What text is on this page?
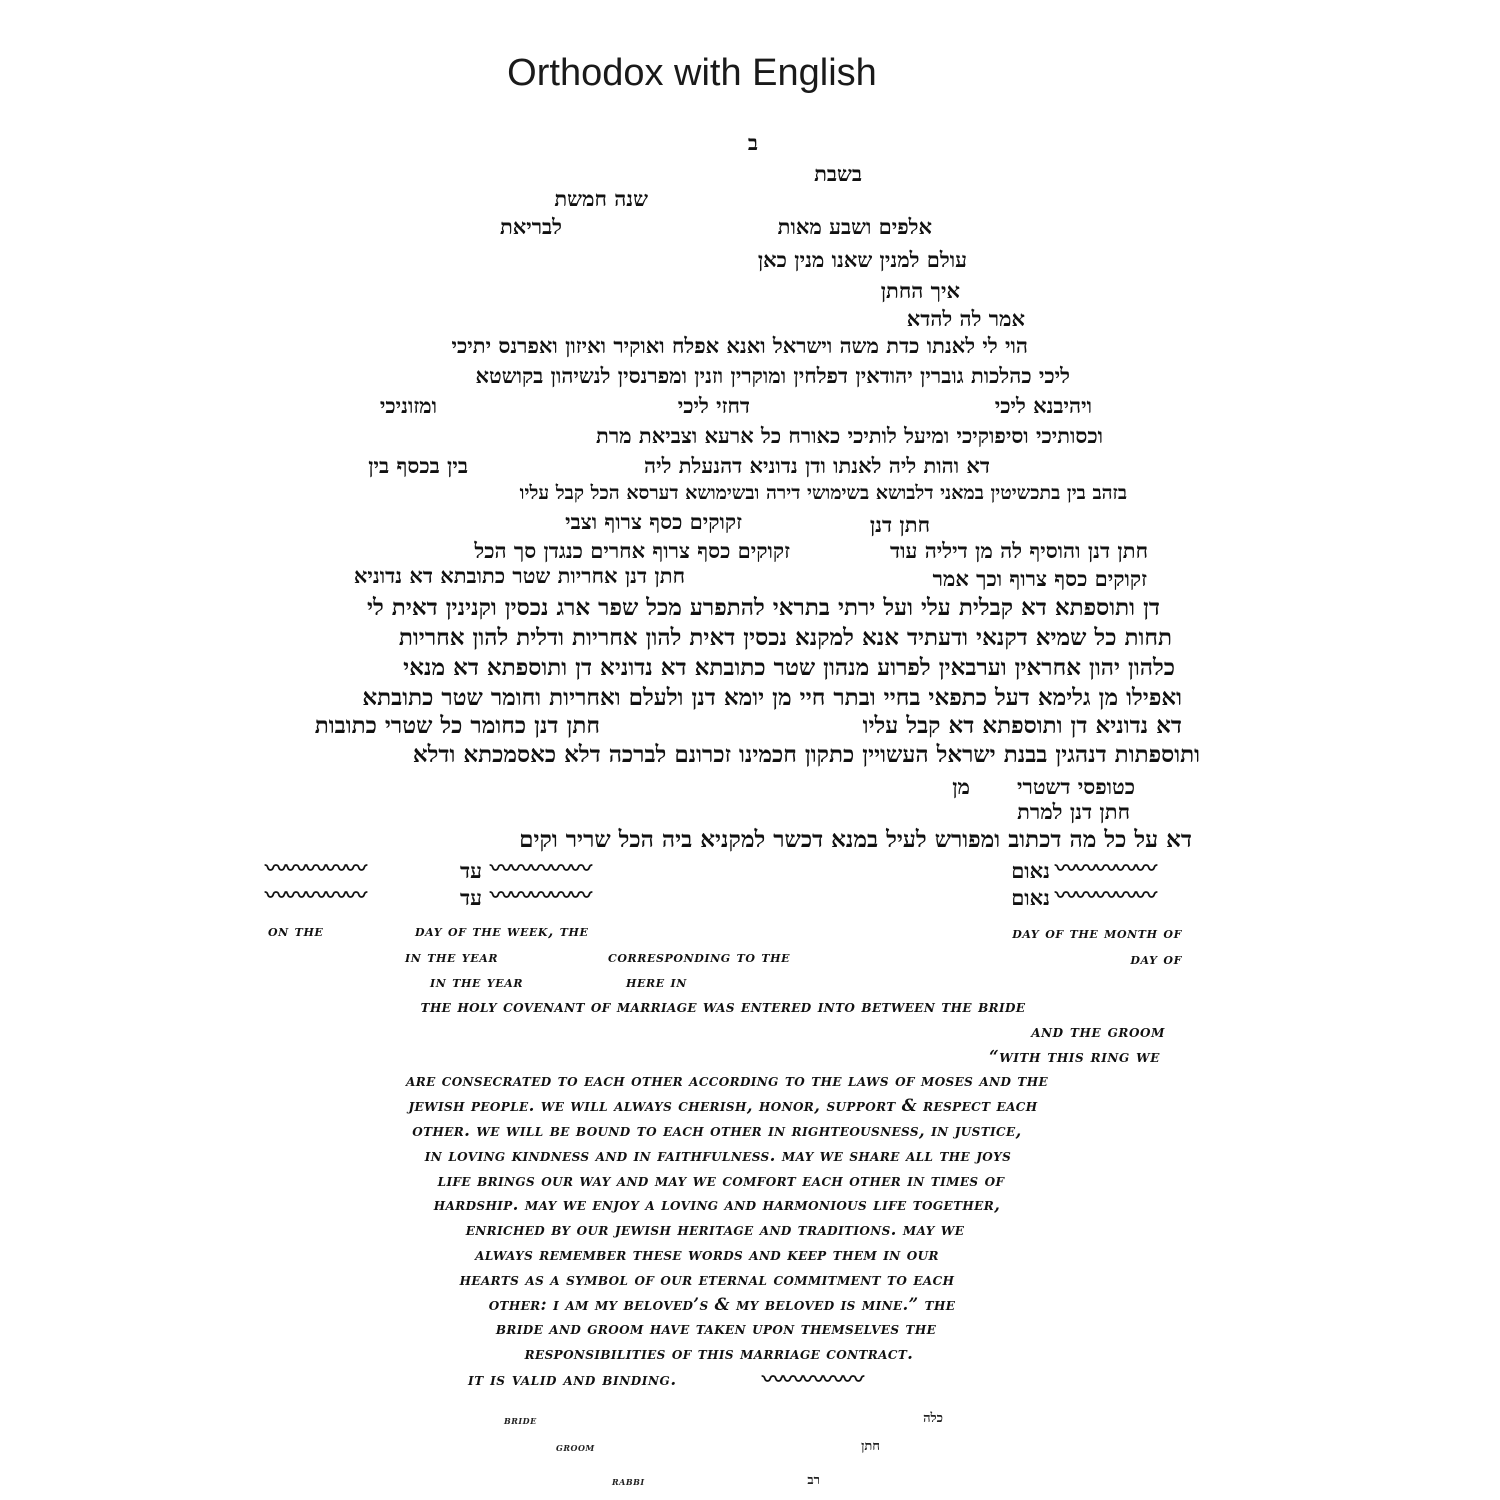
Orthodox with English
ב
בשבת
שנה חמשת
לבריאת	אלפים ושבע מאות
עולם למנין שאנו מנין כאן
איך החתן
אמר לה להדא
הוי לי לאנתו כדת משה וישראל ואנא אפלח ואוקיר ואיזון ואפרנס יתיכי
ליכי כהלכות גוברין יהודאין דפלחין ומוקרין וזנין ומפרנסין לנשיהון בקושטא
ויהיבנא ליכי
דחזי ליכי
ומזוניכי
וכסותיכי וסיפוקיכי ומיעל לותיכי כאורח כל ארעא וצביאת מרת
דא והות ליה לאנתו ודן נדוניא דהנעלת ליה
בין בכסף בין
בזהב בין בתכשיטין במאני דלבושא בשימושי דירה ובשימושא דערסא הכל קבל עליו
חתן דנן
זקוקים כסף צרוף וצבי
חתן דנן והוסיף לה מן דיליה עוד
זקוקים כסף צרוף אחרים כנגדן סך הכל
זקוקים כסף צרוף וכך אמר
חתן דנן אחריות שטר כתובתא דא נדוניא
דן ותוספתא דא קבלית עלי ועל ירתי בתראי להתפרע מכל שפר ארג נכסין וקנינין דאית לי
תחות כל שמיא דקנאי ודעתיד אנא למקנא נכסין דאית להון אחריות ודלית להון אחריות
כלהון יהון אחראין וערבאין לפרוע מנהון שטר כתובתא דא נדוניא דן ותוספתא דא מנאי
ואפילו מן גלימא דעל כתפאי בחיי ובתר חיי מן יומא דנן ולעלם ואחריות וחומר שטר כתובתא
דא נדוניא דן ותוספתא דא קבל עליו
חתן דנן כחומר כל שטרי כתובות
ותוספתות דנהגין בבנת ישראל העשויין כתקון חכמינו זכרונם לברכה דלא כאסמכתא ודלא
כטופסי דשטרי
מן
חתן דנן למרת
דא על כל מה דכתוב ומפורש לעיל במנא דכשר למקניא ביה הכל שריר וקים
עד
〰〰〰〰〰	〰〰〰〰〰	נאום 〰〰〰〰〰
עד
〰〰〰〰〰	〰〰〰〰〰	נאום 〰〰〰〰〰
on the	day of the week, the	day of the month of
in the year	corresponding to the	day of
in the year	here in
the holy covenant of marriage was entered into between the bride
and the groom
“with this ring we
are consecrated to each other according to the laws of moses and the
jewish people. we will always cherish, honor, support & respect each
other. we will be bound to each other in righteousness, in justice,
in loving kindness and in faithfulness. may we share all the joys
life brings our way and may we comfort each other in times of
hardship. may we enjoy a loving and harmonious life together,
enriched by our jewish heritage and traditions. may we
always remember these words and keep them in our
hearts as a symbol of our eternal commitment to each
other: i am my beloved’s & my beloved is mine.” the
bride and groom have taken upon themselves the
responsibilities of this marriage contract.
it is valid and binding.	〰〰〰〰〰
bride	כלה
groom	חתן
rabbi	רב
